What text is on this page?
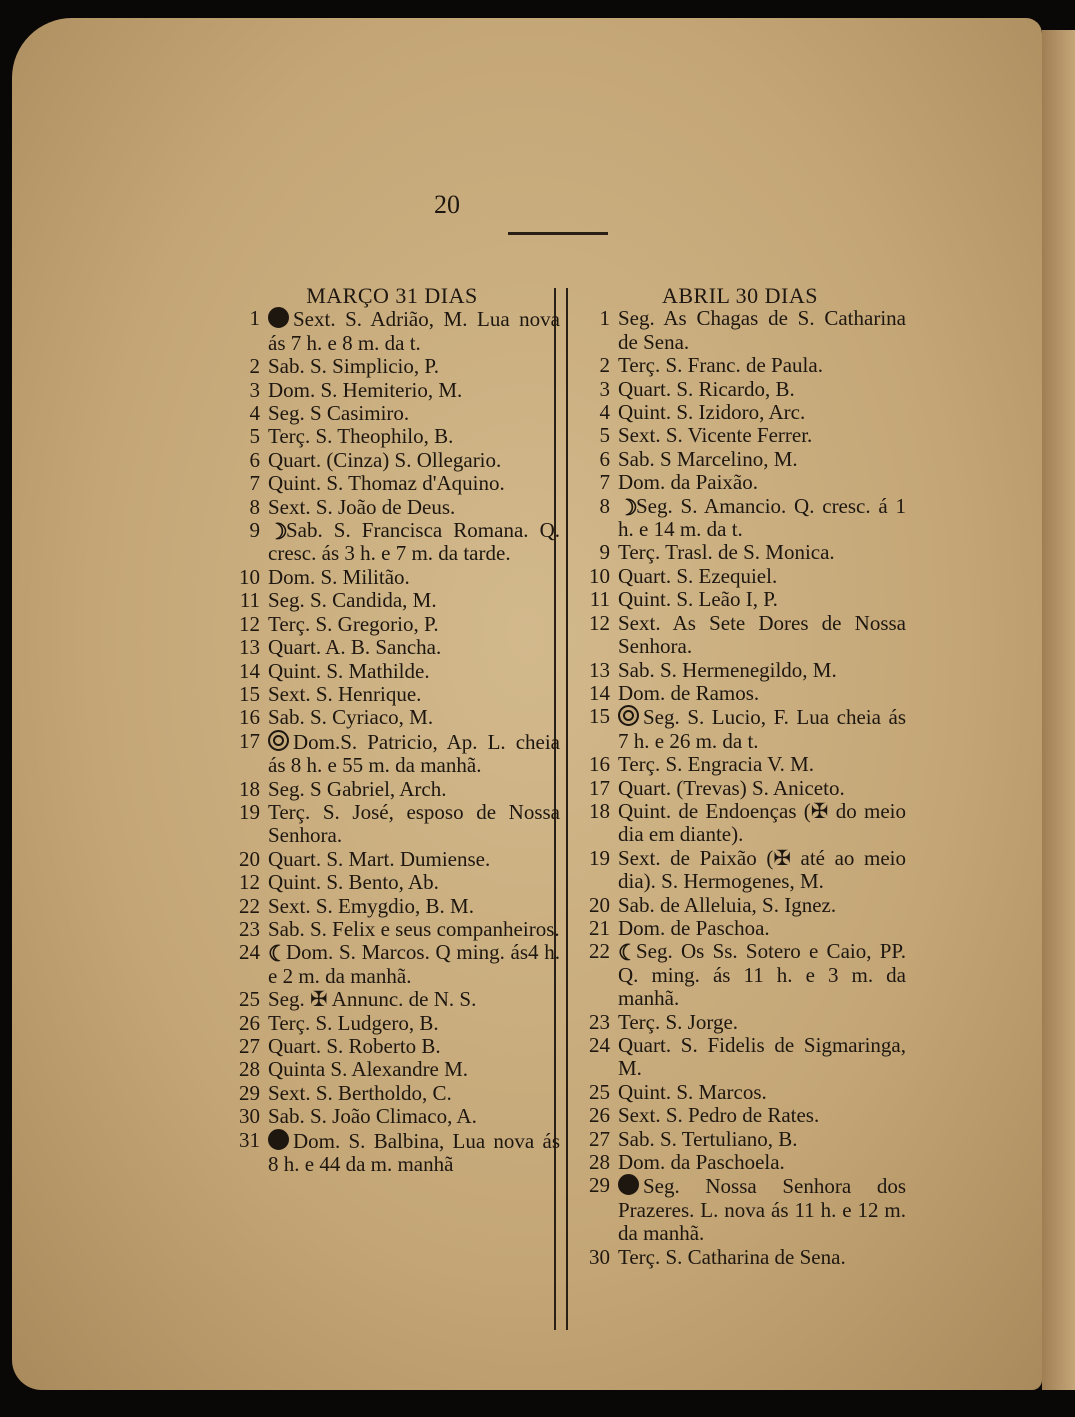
20
MARÇO 31 DIAS
1 Sext. S. Adrião, M. Lua nova ás 7 h. e 8 m. da t.
2 Sab. S. Simplicio, P.
3 Dom. S. Hemiterio, M.
4 Seg. S Casimiro.
5 Terç. S. Theophilo, B.
6 Quart. (Cinza) S. Ollegario.
7 Quint. S. Thomaz d'Aquino.
8 Sext. S. João de Deus.
9 Sab. S. Francisca Romana. Q. cresc. ás 3 h. e 7 m. da tarde.
10 Dom. S. Militão.
11 Seg. S. Candida, M.
12 Terç. S. Gregorio, P.
13 Quart. A. B. Sancha.
14 Quint. S. Mathilde.
15 Sext. S. Henrique.
16 Sab. S. Cyriaco, M.
17 Dom.S. Patricio, Ap. L. cheia ás 8 h. e 55 m. da manhã.
18 Seg. S Gabriel, Arch.
19 Terç. S. José, esposo de Nossa Senhora.
20 Quart. S. Mart. Dumiense.
12 Quint. S. Bento, Ab.
22 Sext. S. Emygdio, B. M.
23 Sab. S. Felix e seus companheiros.
24 Dom. S. Marcos. Q ming. ás4 h. e 2 m. da manhã.
25 Seg. ✠ Annunc. de N. S.
26 Terç. S. Ludgero, B.
27 Quart. S. Roberto B.
28 Quinta S. Alexandre M.
29 Sext. S. Bertholdo, C.
30 Sab. S. João Climaco, A.
31 Dom. S. Balbina, Lua nova ás 8 h. e 44 da m. manhã
ABRIL 30 DIAS
1 Seg. As Chagas de S. Catharina de Sena.
2 Terç. S. Franc. de Paula.
3 Quart. S. Ricardo, B.
4 Quint. S. Izidoro, Arc.
5 Sext. S. Vicente Ferrer.
6 Sab. S Marcelino, M.
7 Dom. da Paixão.
8 Seg. S. Amancio. Q. cresc. á 1 h. e 14 m. da t.
9 Terç. Trasl. de S. Monica.
10 Quart. S. Ezequiel.
11 Quint. S. Leão I, P.
12 Sext. As Sete Dores de Nossa Senhora.
13 Sab. S. Hermenegildo, M.
14 Dom. de Ramos.
15 Seg. S. Lucio, F. Lua cheia ás 7 h. e 26 m. da t.
16 Terç. S. Engracia V. M.
17 Quart. (Trevas) S. Aniceto.
18 Quint. de Endoenças (✠ do meio dia em diante).
19 Sext. de Paixão (✠ até ao meio dia). S. Hermogenes, M.
20 Sab. de Alleluia, S. Ignez.
21 Dom. de Paschoa.
22 Seg. Os Ss. Sotero e Caio, PP. Q. ming. ás 11 h. e 3 m. da manhã.
23 Terç. S. Jorge.
24 Quart. S. Fidelis de Sigmaringa, M.
25 Quint. S. Marcos.
26 Sext. S. Pedro de Rates.
27 Sab. S. Tertuliano, B.
28 Dom. da Paschoela.
29 Seg. Nossa Senhora dos Prazeres. L. nova ás 11 h. e 12 m. da manhã.
30 Terç. S. Catharina de Sena.
